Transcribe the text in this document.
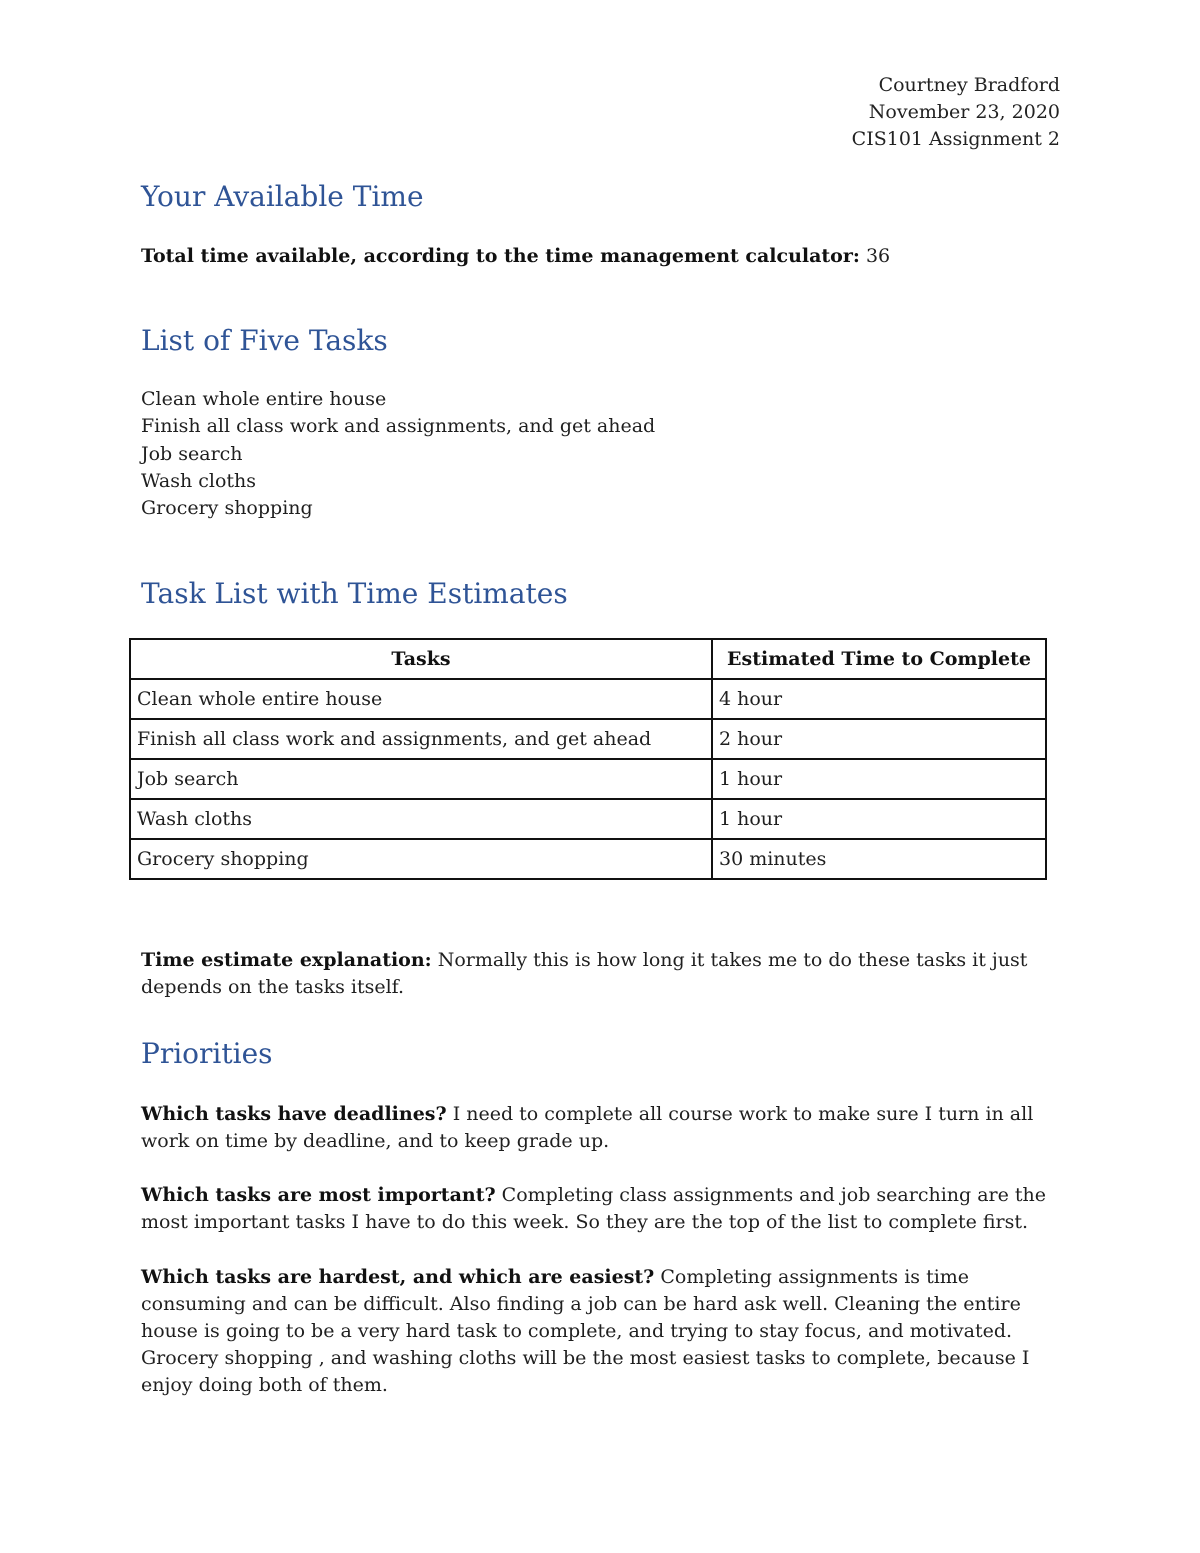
Courtney Bradford
November 23, 2020
CIS101 Assignment 2
Your Available Time

Total time available, according to the time management calculator: 36

List of Five Tasks
Clean whole entire house
Finish all class work and assignments, and get ahead
Job search
Wash cloths
Grocery shopping
Task List with Time Estimates
Tasks	Estimated Time to Complete
Clean whole entire house	4 hour
Finish all class work and assignments, and get ahead	2 hour
Job search	1 hour
Wash cloths	1 hour
Grocery shopping	30 minutes

Time estimate explanation: Normally this is how long it takes me to do these tasks it just depends on the tasks itself.

Priorities

Which tasks have deadlines? I need to complete all course work to make sure I turn in all work on time by deadline, and to keep grade up.

Which tasks are most important? Completing class assignments and job searching are the most important tasks I have to do this week. So they are the top of the list to complete first.

Which tasks are hardest, and which are easiest? Completing assignments is time consuming and can be difficult. Also finding a job can be hard ask well. Cleaning the entire house is going to be a very hard task to complete, and trying to stay focus, and motivated. Grocery shopping , and washing cloths will be the most easiest tasks to complete, because I enjoy doing both of them.
